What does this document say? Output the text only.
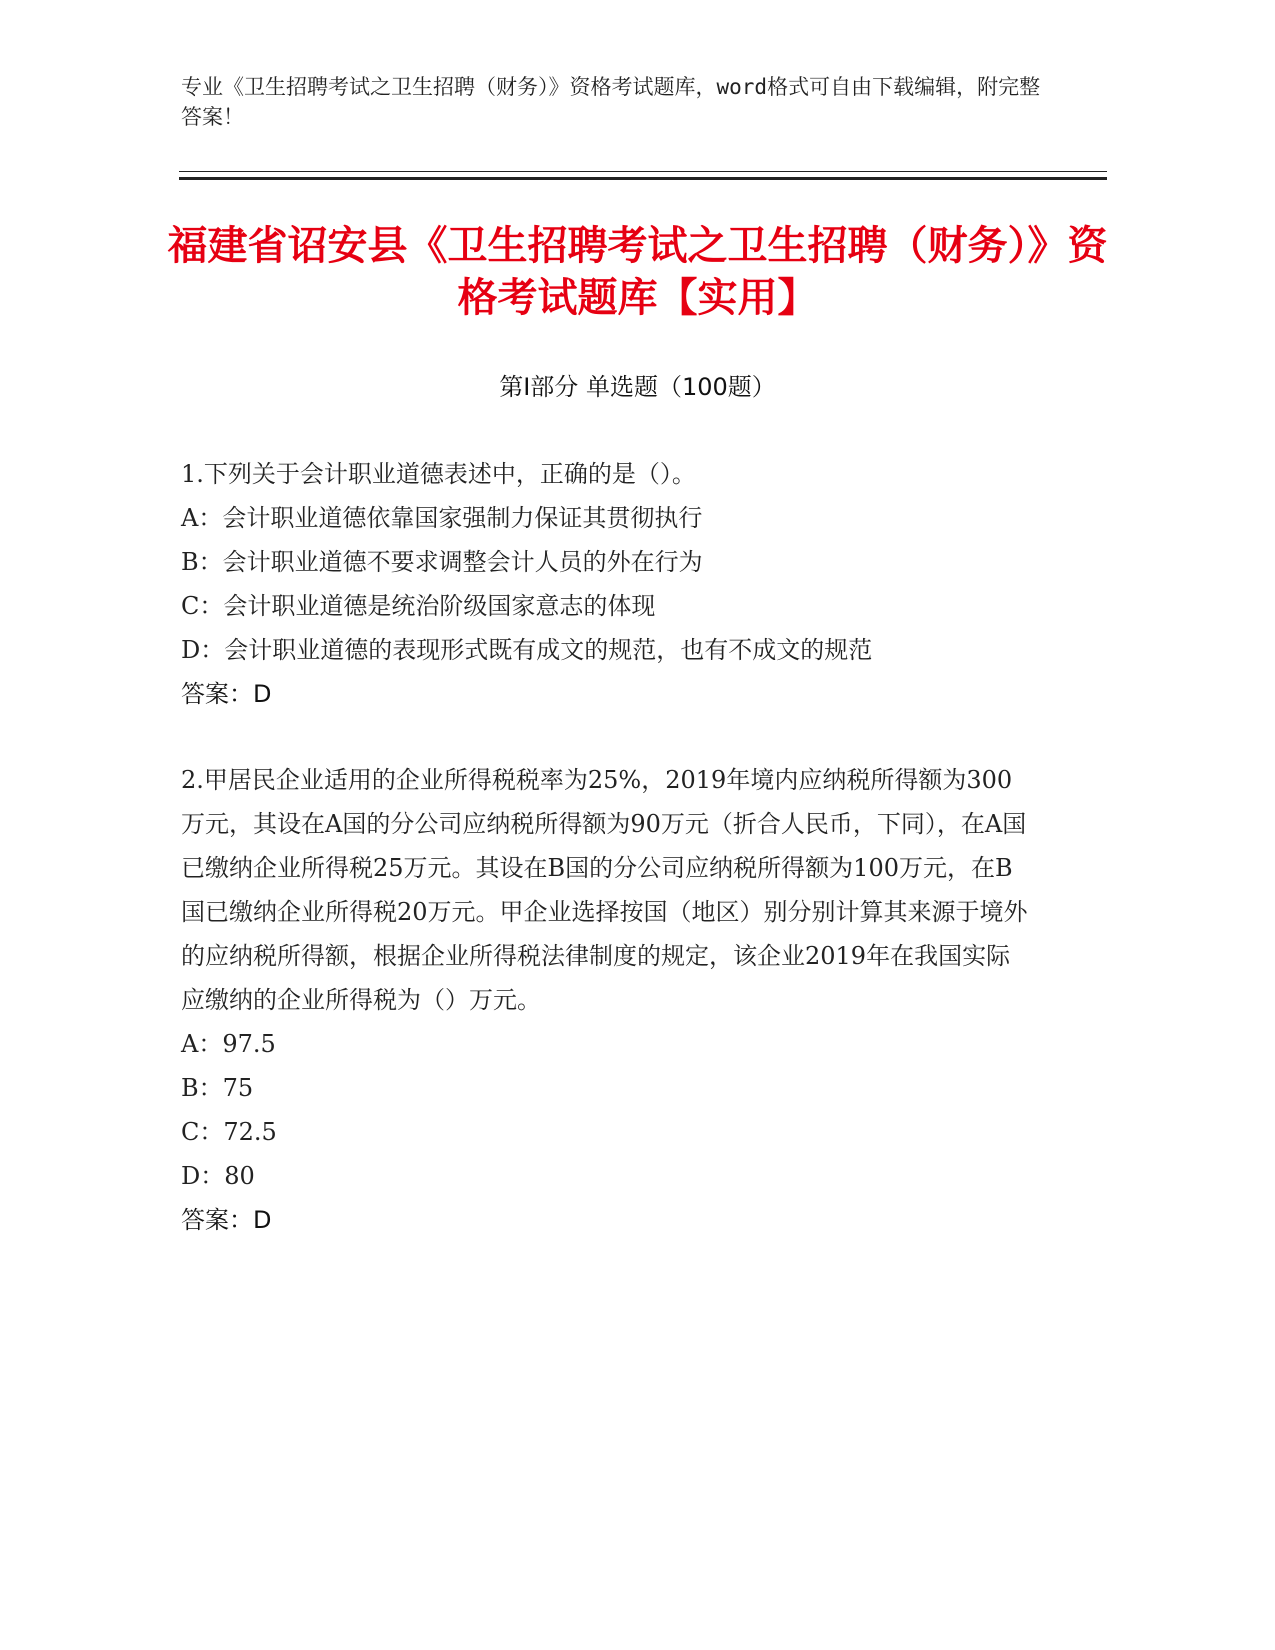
专业《卫生招聘考试之卫生招聘（财务）》资格考试题库，word格式可自由下载编辑，附完整答案！
福建省诏安县《卫生招聘考试之卫生招聘（财务）》资格考试题库【实用】
第I部分 单选题（100题）

1.下列关于会计职业道德表述中，正确的是（）。

A：会计职业道德依靠国家强制力保证其贯彻执行

B：会计职业道德不要求调整会计人员的外在行为

C：会计职业道德是统治阶级国家意志的体现

D：会计职业道德的表现形式既有成文的规范，也有不成文的规范

答案：D

2.甲居民企业适用的企业所得税税率为25%，2019年境内应纳税所得额为300万元，其设在A国的分公司应纳税所得额为90万元（折合人民币，下同），在A国已缴纳企业所得税25万元。其设在B国的分公司应纳税所得额为100万元，在B国已缴纳企业所得税20万元。甲企业选择按国（地区）别分别计算其来源于境外的应纳税所得额，根据企业所得税法律制度的规定，该企业2019年在我国实际应缴纳的企业所得税为（）万元。

A：97.5

B：75

C：72.5

D：80

答案：D
